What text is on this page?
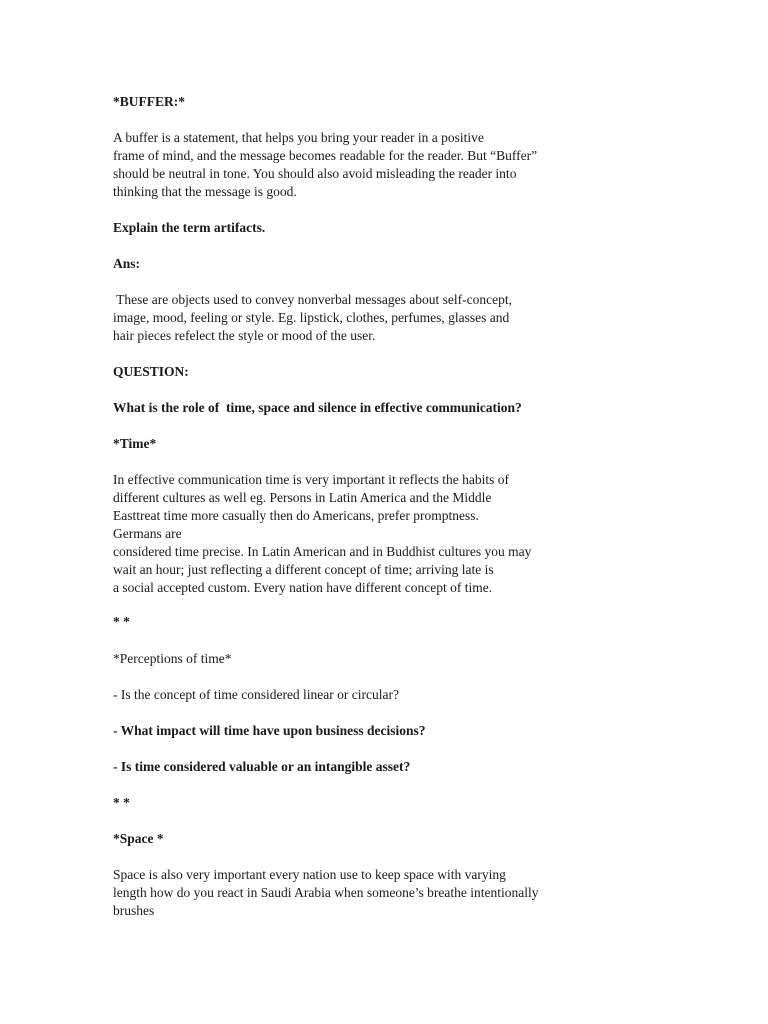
*BUFFER:*
A buffer is a statement, that helps you bring your reader in a positive
frame of mind, and the message becomes readable for the reader. But “Buffer”
should be neutral in tone. You should also avoid misleading the reader into
thinking that the message is good.
Explain the term artifacts.
Ans:
These are objects used to convey nonverbal messages about self-concept,
image, mood, feeling or style. Eg. lipstick, clothes, perfumes, glasses and
hair pieces refelect the style or mood of the user.
QUESTION:
What is the role of  time, space and silence in effective communication?
*Time*
In effective communication time is very important it reflects the habits of
different cultures as well eg. Persons in Latin America and the Middle
Easttreat time more casually then do Americans, prefer promptness.
Germans are
considered time precise. In Latin American and in Buddhist cultures you may
wait an hour; just reflecting a different concept of time; arriving late is
a social accepted custom. Every nation have different concept of time.
* *
*Perceptions of time*
- Is the concept of time considered linear or circular?
- What impact will time have upon business decisions?
- Is time considered valuable or an intangible asset?
* *
*Space *
Space is also very important every nation use to keep space with varying
length how do you react in Saudi Arabia when someone’s breathe intentionally
brushes
